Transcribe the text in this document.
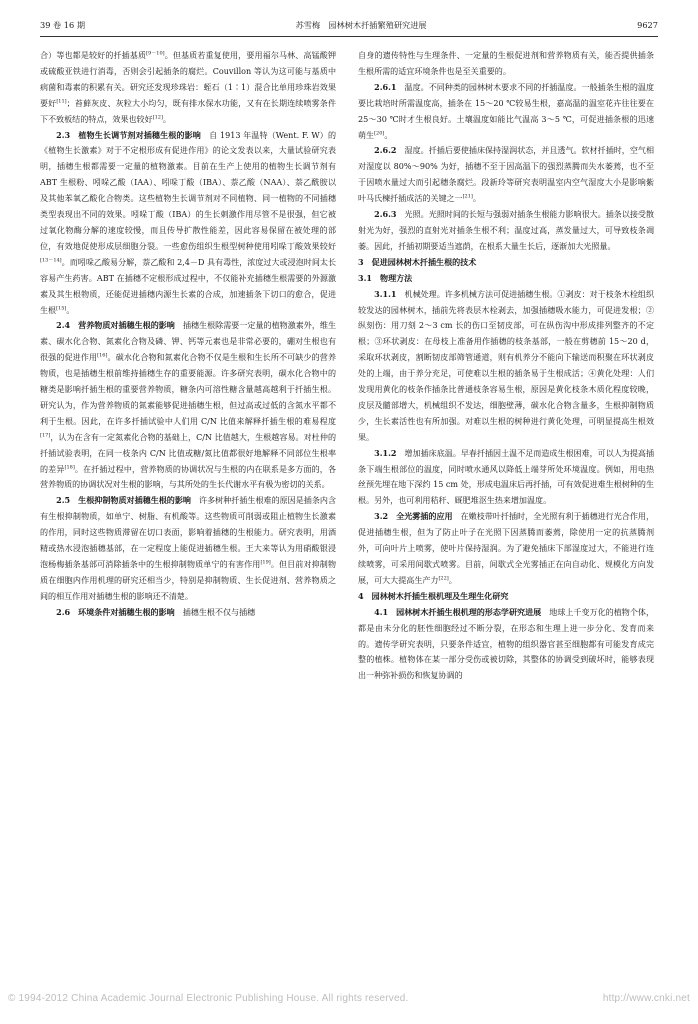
39 卷 16 期	苏雪梅　园林树木扦插繁殖研究进展	9627

合）等也都是较好的扦插基质[9－10]。但基质若重复使用，要用福尔马林、高锰酸钾或硫酸亚铁进行消毒，否则会引起插条的腐烂。Couvillon 等认为这可能与基质中病菌和毒素的积累有关。研究还发现珍珠岩：蛭石（1∶1）混合比单用珍珠岩效果要好[11]；苔藓灰皮、灰粒大小均匀，既有排水保水功能，又有在长期连续喷雾条件下不致板结的特点，效果也较好[12]。

2.3　 植物生长调节剂对插穗生根的影响　 自 1913 年温特（Went. F. W）的《植物生长激素》对于不定根形成有促进作用》的论文发表以来，大量试验研究表明，插穗生根都需要一定量的植物激素。目前在生产上使用的植物生长调节剂有 ABT 生根粉、吲哚乙酸（IAA）、吲哚丁酸（IBA）、萘乙酸（NAA）、萘乙酰胺以及其他苯氧乙酸化合物类。这些植物生长调节剂对不同植物、同一植物的不同插穗类型表现出不同的效果。吲哚丁酸（IBA）的生长刺激作用尽管不是很强，但它被过氧化物酶分解的速度较慢，而且传导扩散性能差，因此容易保留在被处理的部位，有效地促使形成层细胞分裂。一些愈伤组织生根型树种使用吲哚丁酸效果较好[13－14]。而吲哚乙酸易分解，萘乙酸和 2,4－D 具有毒性，浓度过大或浸泡时间太长容易产生药害。ABT 在插穗不定根形成过程中，不仅能补充插穗生根需要的外源激素及其生根物质，还能促进插穗内源生长素的合成，加速插条下切口的愈合，促进生根[15]。

2.4　 营养物质对插穗生根的影响　 插穗生根除需要一定量的植物激素外，维生素、碳水化合物、氮素化合物及磷、钾、钙等元素也是非常必要的，硼对生根也有很强的促进作用[16]。碳水化合物和氮素化合物不仅是生根和生长所不可缺少的营养物质，也是插穗生根前维持插穗生存的重要能源。许多研究表明，碳水化合物中的糖类是影响扦插生根的重要营养物质，糖条内可溶性糖含量越高越利于扦插生根。研究认为，作为营养物质的氮素能够促进插穗生根，但过高或过低的含氮水平都不利于生根。因此，在许多扦插试验中人们用 C/N 比值来解释扦插生根的难易程度[17]，认为在含有一定氮素化合物的基础上，C/N 比值越大，生根越容易。对杜仲的扦插试验表明，在同一枝条内 C/N 比值或糖/氮比值都很好地解释不同部位生根率的差异[18]。在扦插过程中，营养物质的协调状况与生根的内在联系是多方面的，各营养物质的协调状况对生根的影响，与其所处的生长代谢水平有极为密切的关系。

2.5　 生根抑制物质对插穗生根的影响　 许多树种扦插生根难的原因是插条内含有生根抑制物质，如单宁、树脂、有机酸等。这些物质可削弱或阻止植物生长激素的作用，同时这些物质滞留在切口表面，影响着插穗的生根能力。研究表明，用酒精或热水浸泡插穗基部，在一定程度上能促进插穗生根。王大来等认为用硝酸银浸泡杨梅插条基部可消除插条中的生根抑制物质单宁的有害作用[19]。但目前对抑制物质在细胞内作用机理的研究还相当少，特别是抑制物质、生长促进剂、营养物质之间的相互作用对插穗生根的影响还不清楚。

2.6　 环境条件对插穗生根的影响　 插穗生根不仅与插穗

自身的遗传特性与生理条件、一定量的生根促进剂和营养物质有关，能否提供插条生根所需的适宜环境条件也是至关重要的。

2.6.1　 温度。不同种类的园林树木要求不同的扦插温度。一般插条生根的温度要比栽培时所需温度高，插条在 15～20 ℃较易生根，嘉高温的温室花卉往往要在 25～30 ℃时才生根良好。土壤温度如能比气温高 3～5 ℃，可促进插条根的迅速萌生[20]。

2.6.2　 湿度。扦插后要使插床保持湿润状态，并且透气。软材扦插时，空气相对湿度以 80%～90% 为好，插穗不至于因高温下的强烈蒸腾而失水萎蔫，也不至于因喷水量过大而引起穗条腐烂。段新玲等研究表明温室内空气湿度大小是影响紫叶马氏楝扦插成活的关键之一[21]。

2.6.3　 光照。光照时间的长短与强弱对插条生根能力影响很大。插条以接受散射光为好，强烈的直射光对插条生根不利；温度过高，蒸发量过大，可导致枝条凋萎。因此，扦插初期要适当遮荫，在根系大量生长后，逐渐加大光照量。

3　 促进园林树木扦插生根的技术

3.1　 物理方法

3.1.1　 机械处理。许多机械方法可促进插穗生根。①剥皮：对于枝条木栓组织较发达的园林树木，插前先将表层木栓剥去，加强插穗吸水能力，可促进发根；②纵刻伤：用刀刻 2～3 cm 长的伤口至韧皮部，可在纵伤沟中形成排列整齐的不定根；③环状剥皮：在母枝上准备用作插穗的枝条基部，一般在剪穗前 15～20 d，采取环状剥皮，割断韧皮部筛管通道，则有机养分不能向下输送而积聚在环状剥皮处的上端，由于养分充足，可使难以生根的插条易于生根成活；④黄化处理：人们发现用黄化的枝条作插条比普通枝条容易生根，原因是黄化枝条木质化程度较晚，皮层及髓部增大，机械组织不发达，细胞壁薄，碳水化合物含量多，生根抑制物质少，生长素活性也有所加强。对难以生根的树种进行黄化处理，可明显提高生根效果。

3.1.2　 增加插床底温。早春扦插因土温不足而造成生根困难，可以人为提高插条下端生根部位的温度，同时喷水通风以降低上端芽所处环境温度。例如，用电热丝预先埋在地下深约 15 cm 处，形成电温床后再扦插，可有效促进难生根树种的生根。另外，也可利用秸秆、厩肥堆沤生热来增加温度。

3.2　 全光雾插的应用　 在嫩枝带叶扦插时，全光照有利于插穗进行光合作用，促进插穗生根，但为了防止叶子在光照下因蒸腾而萎蔫，除使用一定的抗蒸腾剂外，可向叶片上喷雾，使叶片保持湿润。为了避免插床下部湿度过大，不能进行连续喷雾，可采用间歇式喷雾。目前，间歇式全光雾插正在向自动化、规模化方向发展，可大大提高生产力[22]。

4　 园林树木扦插生根机理及生理生化研究

4.1　 园林树木扦插生根机理的形态学研究进展　 地球上千变万化的植物个体，都是由未分化的胚性细胞经过不断分裂，在形态和生理上进一步分化、发育而来的。遗传学研究表明，只要条件适宜，植物的组织器官甚至细胞都有可能发育成完整的植株。植物体在某一部分受伤或被切除，其整体的协调受到破坏时，能够表现出一种弥补损伤和恢复协调的

© 1994-2012 China Academic Journal Electronic Publishing House. All rights reserved.	http://www.cnki.net
